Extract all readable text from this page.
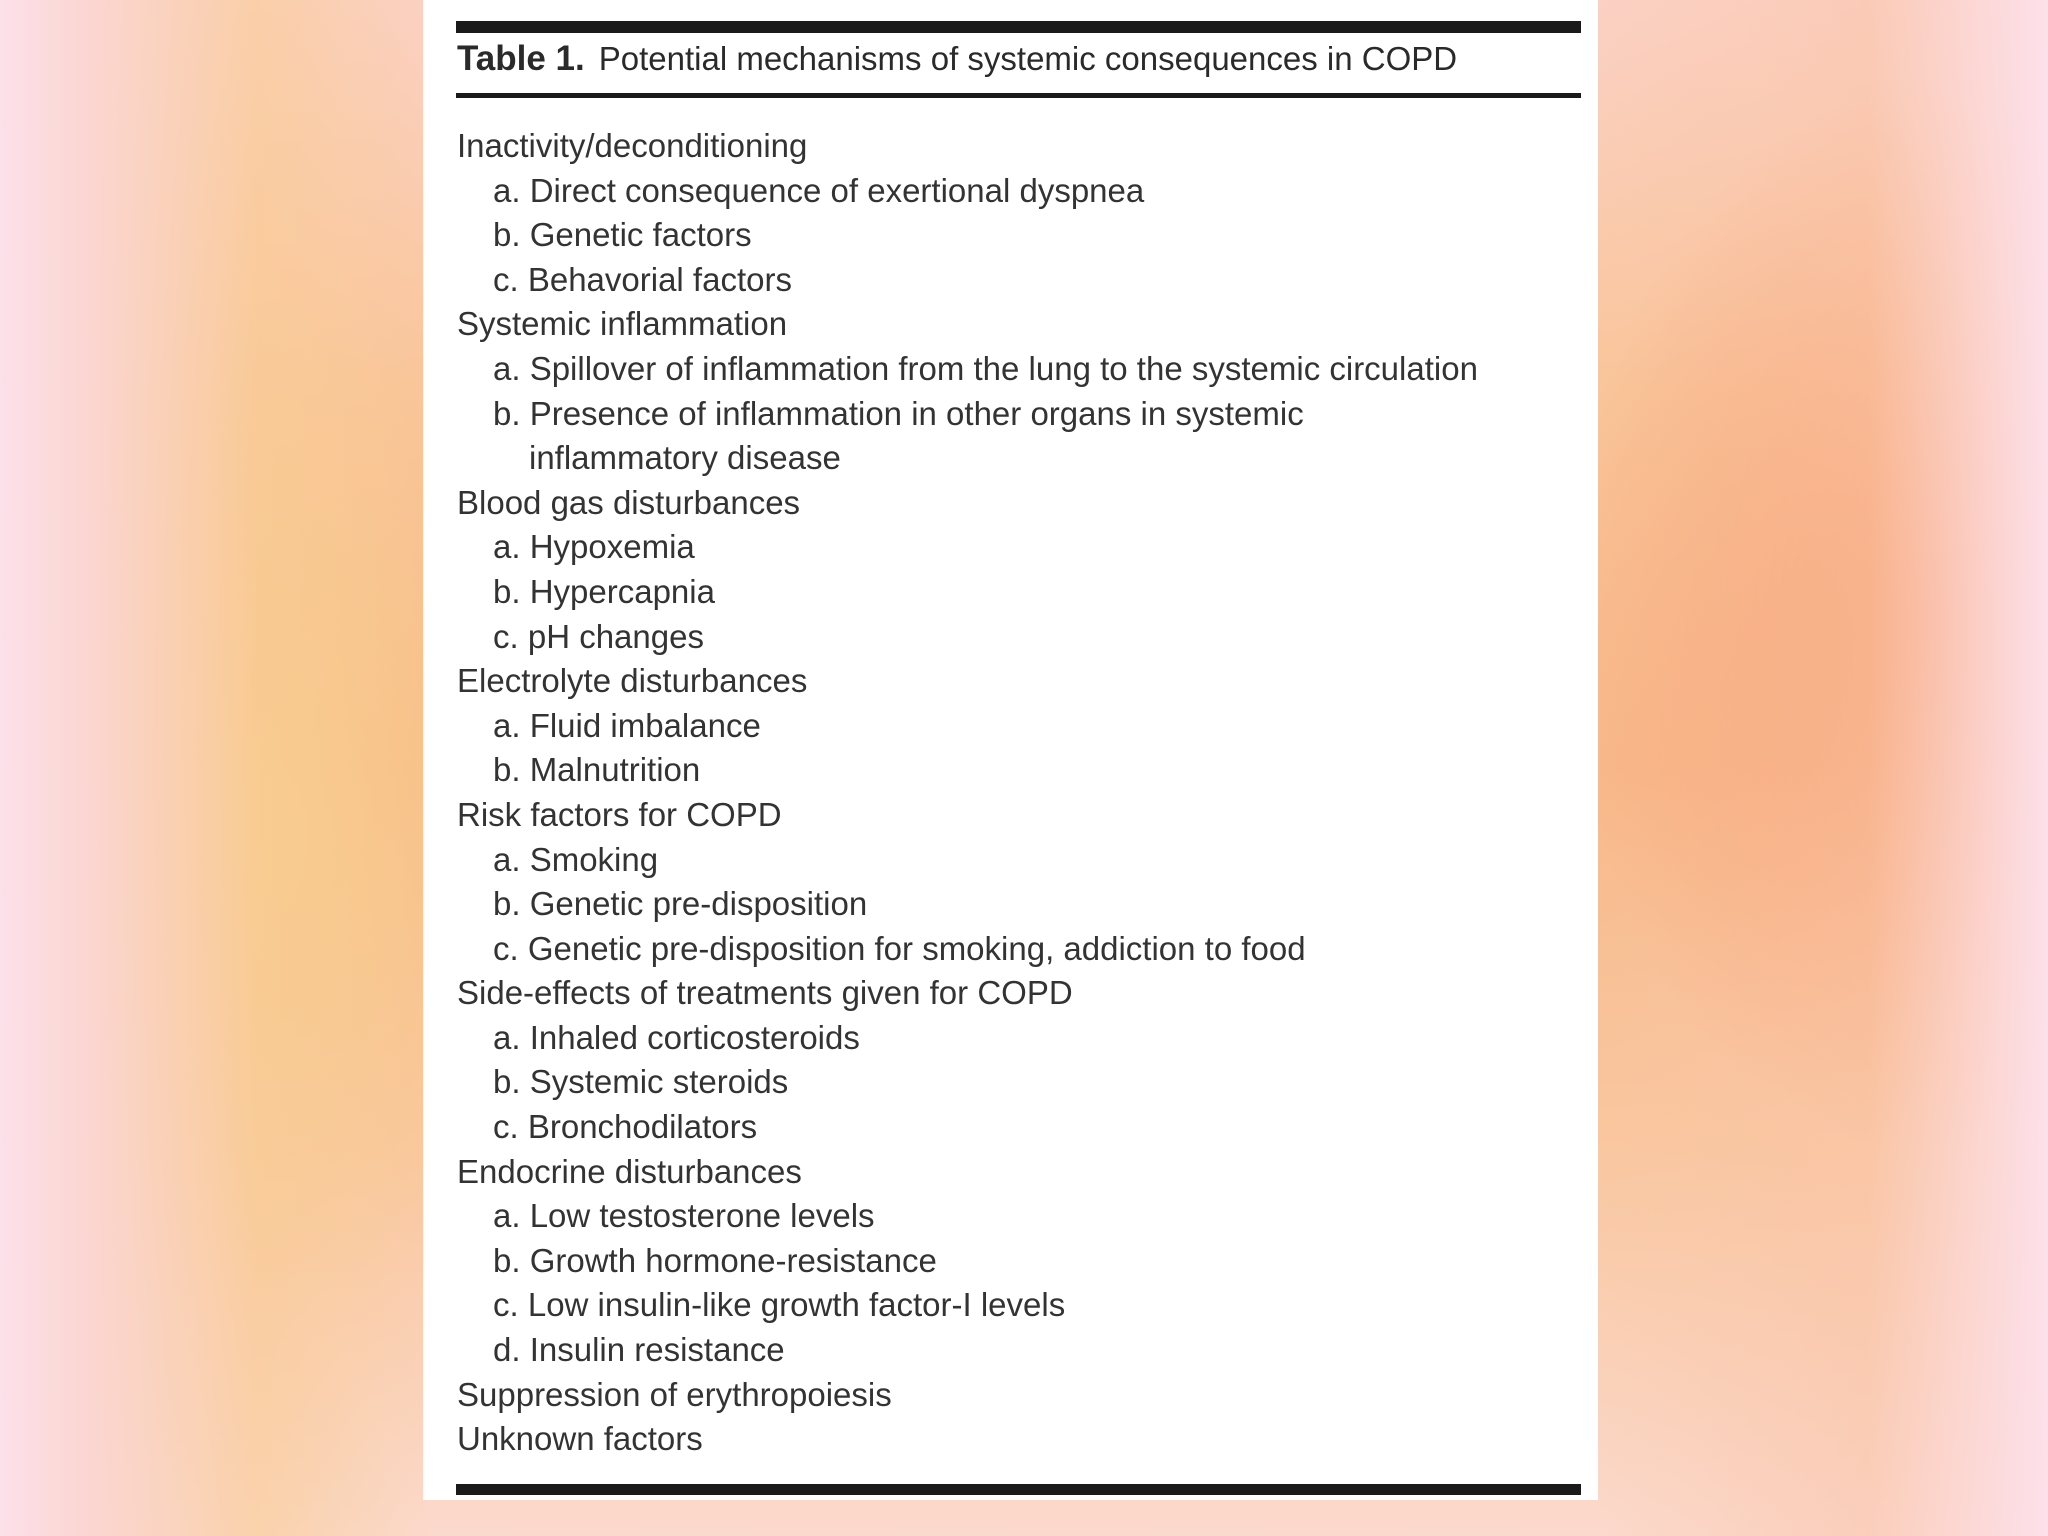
Table 1. Potential mechanisms of systemic consequences in COPD
Inactivity/deconditioning
a. Direct consequence of exertional dyspnea
b. Genetic factors
c. Behavorial factors
Systemic inflammation
a. Spillover of inflammation from the lung to the systemic circulation
b. Presence of inflammation in other organs in systemic
inflammatory disease
Blood gas disturbances
a. Hypoxemia
b. Hypercapnia
c. pH changes
Electrolyte disturbances
a. Fluid imbalance
b. Malnutrition
Risk factors for COPD
a. Smoking
b. Genetic pre-disposition
c. Genetic pre-disposition for smoking, addiction to food
Side-effects of treatments given for COPD
a. Inhaled corticosteroids
b. Systemic steroids
c. Bronchodilators
Endocrine disturbances
a. Low testosterone levels
b. Growth hormone-resistance
c. Low insulin-like growth factor-I levels
d. Insulin resistance
Suppression of erythropoiesis
Unknown factors
